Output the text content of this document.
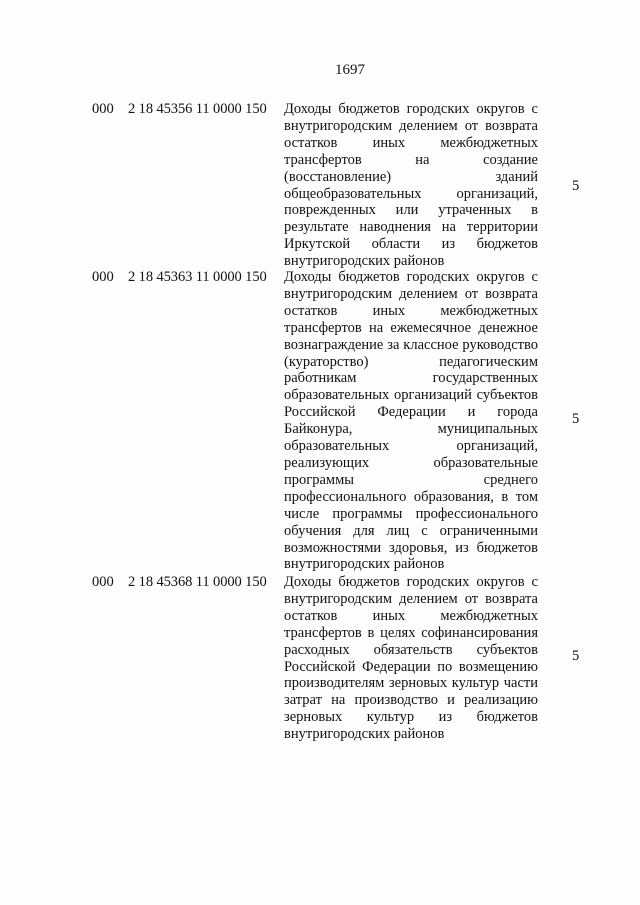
1697
000 2 18 45356 11 0000 150 Доходы бюджетов городских округов с
внутригородским делением от возврата
остатков иных межбюджетных
трансфертов на создание
(восстановление) зданий
общеобразовательных организаций,
поврежденных или утраченных в
результате наводнения на территории
Иркутской области из бюджетов
внутригородских районов
5
000 2 18 45363 11 0000 150 Доходы бюджетов городских округов с
внутригородским делением от возврата
остатков иных межбюджетных
трансфертов на ежемесячное денежное
вознаграждение за классное руководство
(кураторство) педагогическим
работникам государственных
образовательных организаций субъектов
Российской Федерации и города
Байконура, муниципальных
образовательных организаций,
реализующих образовательные
программы среднего
профессионального образования, в том
числе программы профессионального
обучения для лиц с ограниченными
возможностями здоровья, из бюджетов
внутригородских районов
5
000 2 18 45368 11 0000 150 Доходы бюджетов городских округов с
внутригородским делением от возврата
остатков иных межбюджетных
трансфертов в целях софинансирования
расходных обязательств субъектов
Российской Федерации по возмещению
производителям зерновых культур части
затрат на производство и реализацию
зерновых культур из бюджетов
внутригородских районов
5
